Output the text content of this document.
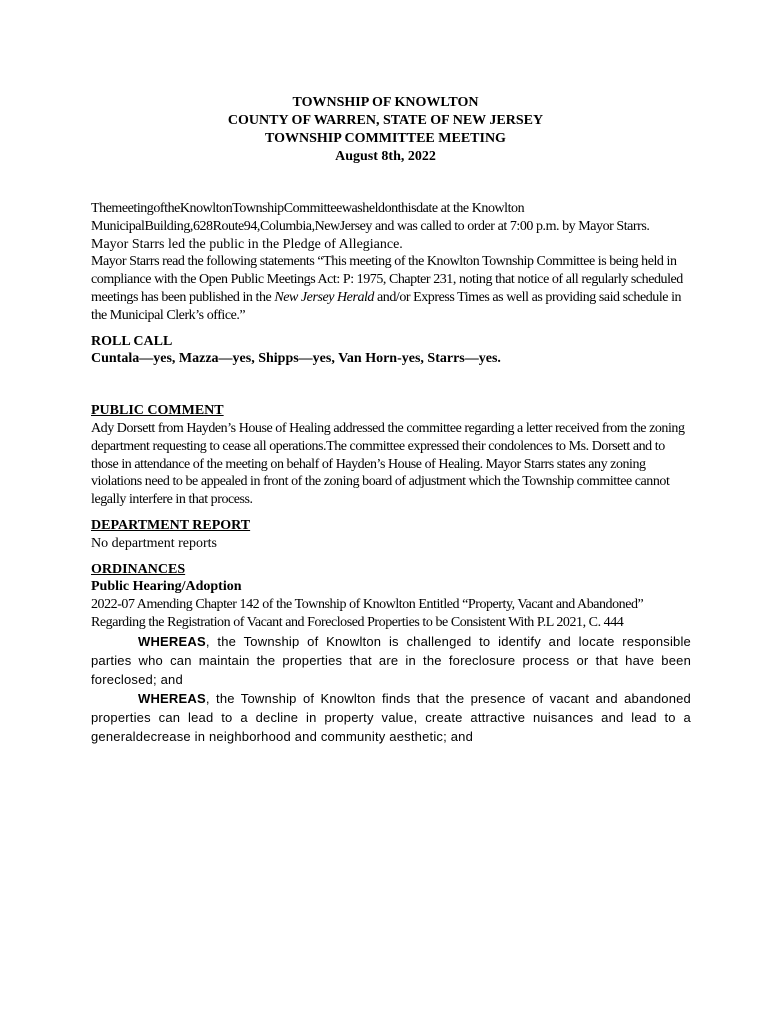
TOWNSHIP OF KNOWLTON
COUNTY OF WARREN, STATE OF NEW JERSEY
TOWNSHIP COMMITTEE MEETING
August 8th, 2022

ThemeetingoftheKnowltonTownshipCommitteewasheldonthisdate at the Knowlton MunicipalBuilding,628Route94,Columbia,NewJersey and was called to order at 7:00 p.m. by Mayor Starrs.

Mayor Starrs led the public in the Pledge of Allegiance.

Mayor Starrs read the following statements “This meeting of the Knowlton Township Committee is being held in compliance with the Open Public Meetings Act: P: 1975, Chapter 231, noting that notice of all regularly scheduled meetings has been published in the New Jersey Herald and/or Express Times as well as providing said schedule in the Municipal Clerk’s office.”

ROLL CALL

Cuntala—yes, Mazza—yes, Shipps—yes, Van Horn-yes, Starrs—yes.

PUBLIC COMMENT

Ady Dorsett from Hayden’s House of Healing addressed the committee regarding a letter received from the zoning department requesting to cease all operations.The committee expressed their condolences to Ms. Dorsett and to those in attendance of the meeting on behalf of Hayden’s House of Healing. Mayor Starrs states any zoning violations need to be appealed in front of the zoning board of adjustment which the Township committee cannot legally interfere in that process.

DEPARTMENT REPORT

No department reports

ORDINANCES

Public Hearing/Adoption

2022-07 Amending Chapter 142 of the Township of Knowlton Entitled “Property, Vacant and Abandoned” Regarding the Registration of Vacant and Foreclosed Properties to be Consistent With P.L 2021, C. 444

WHEREAS, the Township of Knowlton is challenged to identify and locate responsible parties who can maintain the properties that are in the foreclosure process or that have been foreclosed; and

WHEREAS, the Township of Knowlton finds that the presence of vacant and abandoned properties can lead to a decline in property value, create attractive nuisances and lead to a generaldecrease in neighborhood and community aesthetic; and
